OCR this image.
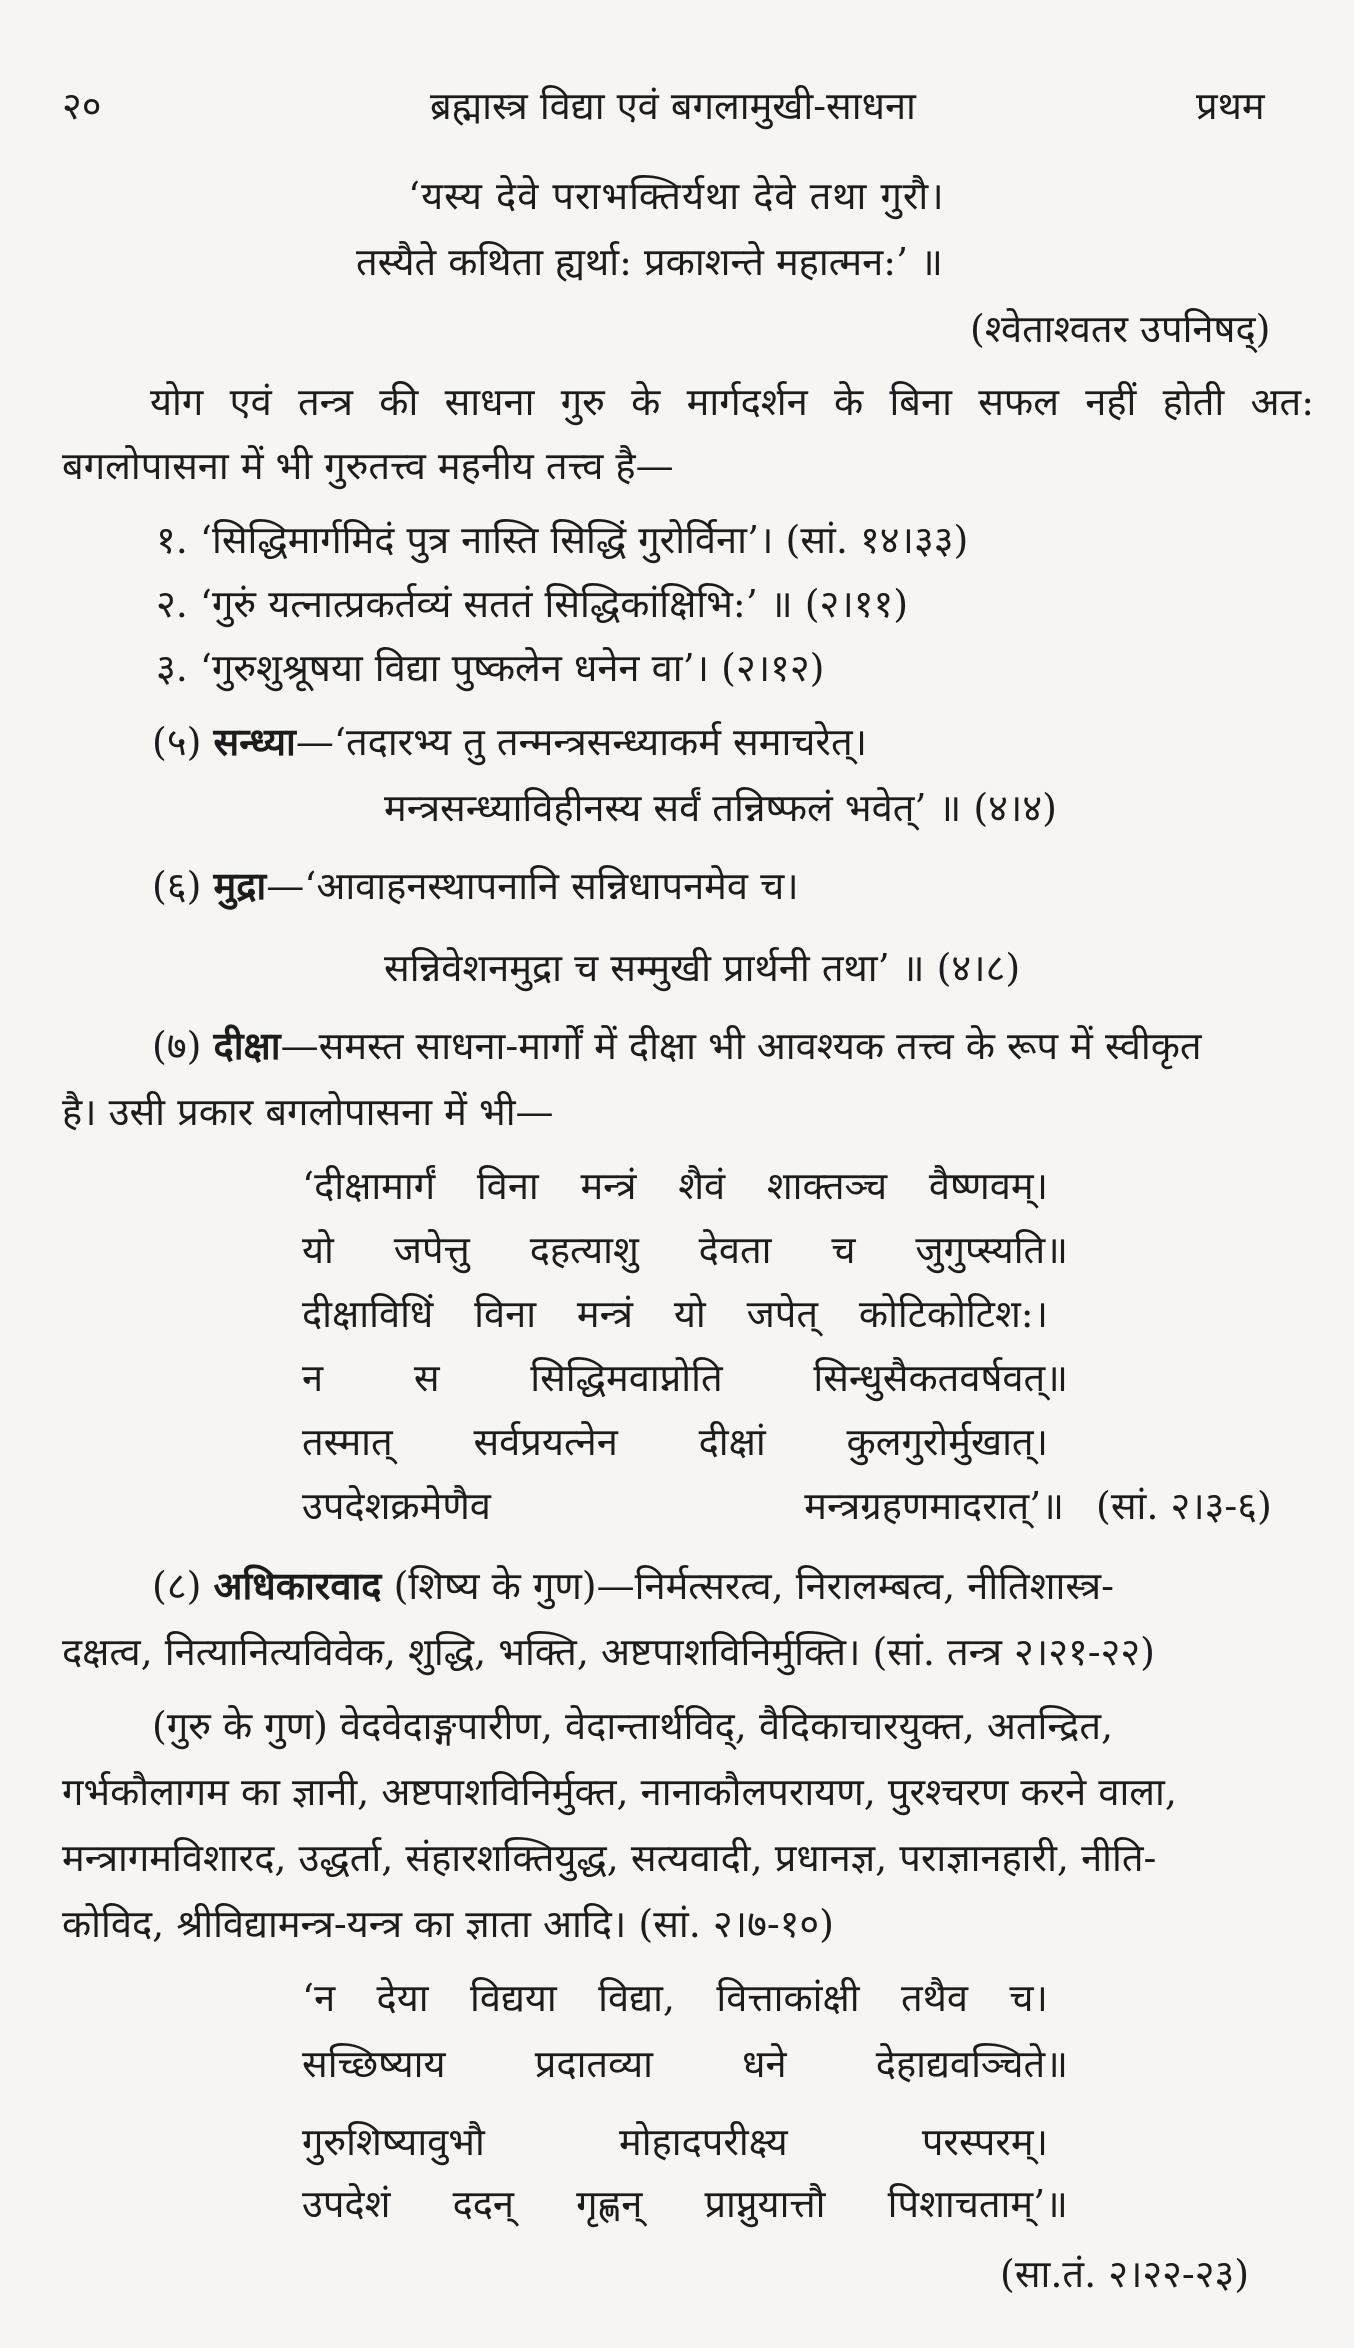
२०	ब्रह्मास्त्र विद्या एवं बगलामुखी-साधना	प्रथम
‘यस्य देवे पराभक्तिर्यथा देवे तथा गुरौ।
तस्यैते कथिता ह्यर्था: प्रकाशन्ते महात्मन:’ ॥
(श्वेताश्वतर उपनिषद्)
योग एवं तन्त्र की साधना गुरु के मार्गदर्शन के बिना सफल नहीं होती अत:
बगलोपासना में भी गुरुतत्त्व महनीय तत्त्व है—
१. ‘सिद्धिमार्गमिदं पुत्र नास्ति सिद्धिं गुरोर्विना’। (सां. १४।३३)
२. ‘गुरुं यत्नात्प्रकर्तव्यं सततं सिद्धिकांक्षिभि:’ ॥ (२।११)
३. ‘गुरुशुश्रूषया विद्या पुष्कलेन धनेन वा’। (२।१२)
(५) सन्ध्या—‘तदारभ्य तु तन्मन्त्रसन्ध्याकर्म समाचरेत्।
मन्त्रसन्ध्याविहीनस्य सर्वं तन्निष्फलं भवेत्’ ॥ (४।४)
(६) मुद्रा—‘आवाहनस्थापनानि सन्निधापनमेव च।
सन्निवेशनमुद्रा च सम्मुखी प्रार्थनी तथा’ ॥ (४।८)
(७) दीक्षा—समस्त साधना-मार्गों में दीक्षा भी आवश्यक तत्त्व के रूप में स्वीकृत
है। उसी प्रकार बगलोपासना में भी—
‘दीक्षामार्गं विना मन्त्रं शैवं शाक्तञ्च वैष्णवम्।
यो जपेत्तु दहत्याशु देवता च जुगुप्स्यति॥
दीक्षाविधिं विना मन्त्रं यो जपेत् कोटिकोटिश:।
न स सिद्धिमवाप्नोति सिन्धुसैकतवर्षवत्॥
तस्मात् सर्वप्रयत्नेन दीक्षां कुलगुरोर्मुखात्।
उपदेशक्रमेणैव	मन्त्रग्रहणमादरात्’॥ (सां. २।३-६)
(८) अधिकारवाद (शिष्य के गुण)—निर्मत्सरत्व, निरालम्बत्व, नीतिशास्त्र-
दक्षत्व, नित्यानित्यविवेक, शुद्धि, भक्ति, अष्टपाशविनिर्मुक्ति। (सां. तन्त्र २।२१-२२)
(गुरु के गुण) वेदवेदाङ्गपारीण, वेदान्तार्थविद्, वैदिकाचारयुक्त, अतन्द्रित,
गर्भकौलागम का ज्ञानी, अष्टपाशविनिर्मुक्त, नानाकौलपरायण, पुरश्चरण करने वाला,
मन्त्रागमविशारद, उद्धर्ता, संहारशक्तियुद्ध, सत्यवादी, प्रधानज्ञ, पराज्ञानहारी, नीति-
कोविद, श्रीविद्यामन्त्र-यन्त्र का ज्ञाता आदि। (सां. २।७-१०)
‘न देया विद्यया विद्या, वित्ताकांक्षी तथैव च।
सच्छिष्याय प्रदातव्या धने देहाद्यवञ्चिते॥
गुरुशिष्यावुभौ	मोहादपरीक्ष्य	परस्परम्।
उपदेशं ददन् गृह्णन् प्राप्नुयात्तौ पिशाचताम्’॥
(सा.तं. २।२२-२३)
